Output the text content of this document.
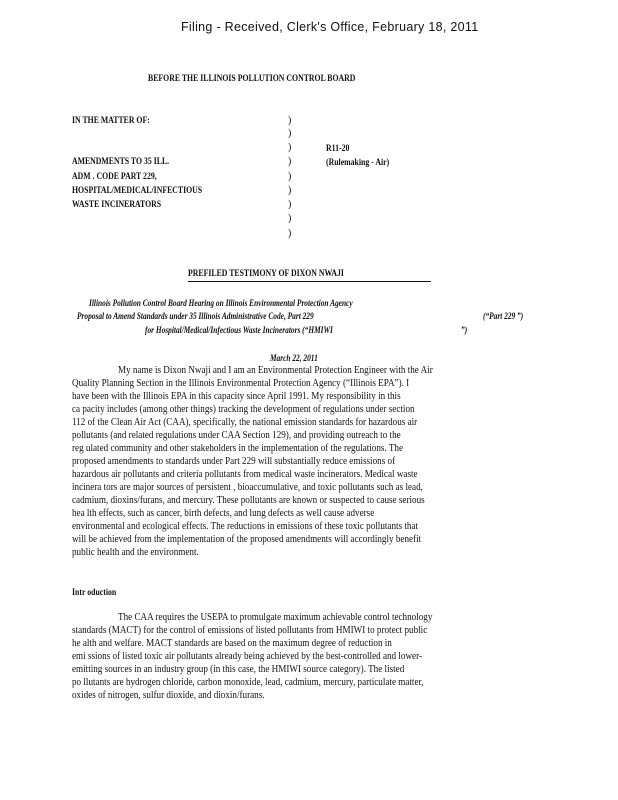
Filing - Received, Clerk's Office, February 18, 2011
BEFORE THE ILLINOIS POLLUTION CONTROL BOARD
IN THE MATTER OF:
AMENDMENTS TO 35 ILL.
ADM . CODE PART 229,
HOSPITAL/MEDICAL/INFECTIOUS
WASTE INCINERATORS
)
)
)
)
)
)
)
)
)
R11-20
(Rulemaking - Air)
PREFILED TESTIMONY OF DIXON NWAJI
Illinois Pollution Control Board Hearing on Illinois Environmental Protection Agency
Proposal to Amend Standards under 35 Illinois Administrative Code, Part 229	(“Part 229 ”)
for Hospital/Medical/Infectious Waste Incinerators (“HMIWI	”)
March 22, 2011
My name is Dixon Nwaji and I am an Environmental Protection Engineer with the Air
Quality Planning Section in the Illinois Environmental Protection Agency (“Illinois EPA”). I
have been with the Illinois EPA in this capacity since April 1991. My responsibility in this
ca pacity includes (among other things) tracking the development of regulations under section
112 of the Clean Air Act (CAA), specifically, the national emission standards for hazardous air
pollutants (and related regulations under CAA Section 129), and providing outreach to the
reg ulated community and other stakeholders in the implementation of the regulations. The
proposed amendments to standards under Part 229 will substantially reduce emissions of
hazardous air pollutants and criteria pollutants from medical waste incinerators. Medical waste
incinera tors are major sources of persistent , bioaccumulative, and toxic pollutants such as lead,
cadmium, dioxins/furans, and mercury. These pollutants are known or suspected to cause serious
hea lth effects, such as cancer, birth defects, and lung defects as well cause adverse
environmental and ecological effects. The reductions in emissions of these toxic pollutants that
will be achieved from the implementation of the proposed amendments will accordingly benefit
public health and the environment.
Intr oduction
The CAA requires the USEPA to promulgate maximum achievable control technology
standards (MACT) for the control of emissions of listed pollutants from HMIWI to protect public
he alth and welfare. MACT standards are based on the maximum degree of reduction in
emi ssions of listed toxic air pollutants already being achieved by the best-controlled and lower-
emitting sources in an industry group (in this case, the HMIWI source category). The listed
po llutants are hydrogen chloride, carbon monoxide, lead, cadmium, mercury, particulate matter,
oxides of nitrogen, sulfur dioxide, and dioxin/furans.
